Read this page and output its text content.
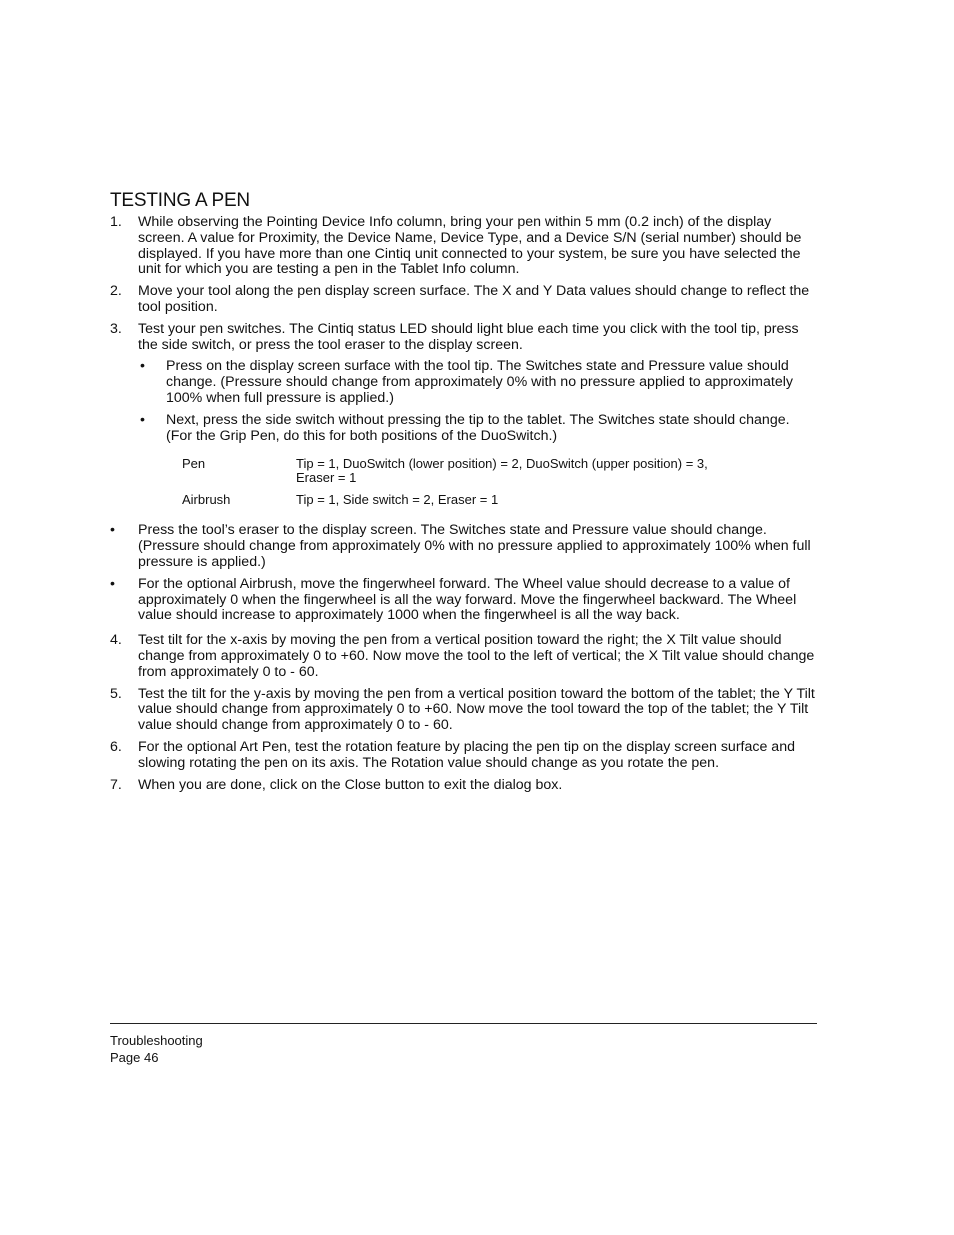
TESTING A PEN
1. While observing the Pointing Device Info column, bring your pen within 5 mm (0.2 inch) of the display screen. A value for Proximity, the Device Name, Device Type, and a Device S/N (serial number) should be displayed. If you have more than one Cintiq unit connected to your system, be sure you have selected the unit for which you are testing a pen in the Tablet Info column.
2. Move your tool along the pen display screen surface. The X and Y Data values should change to reflect the tool position.
3. Test your pen switches. The Cintiq status LED should light blue each time you click with the tool tip, press the side switch, or press the tool eraser to the display screen.
• Press on the display screen surface with the tool tip. The Switches state and Pressure value should change. (Pressure should change from approximately 0% with no pressure applied to approximately 100% when full pressure is applied.)
• Next, press the side switch without pressing the tip to the tablet. The Switches state should change. (For the Grip Pen, do this for both positions of the DuoSwitch.)
Pen	Tip = 1, DuoSwitch (lower position) = 2, DuoSwitch (upper position) = 3, Eraser = 1
Airbrush	Tip = 1, Side switch = 2, Eraser = 1
• Press the tool’s eraser to the display screen. The Switches state and Pressure value should change. (Pressure should change from approximately 0% with no pressure applied to approximately 100% when full pressure is applied.)
• For the optional Airbrush, move the fingerwheel forward. The Wheel value should decrease to a value of approximately 0 when the fingerwheel is all the way forward. Move the fingerwheel backward. The Wheel value should increase to approximately 1000 when the fingerwheel is all the way back.
4. Test tilt for the x-axis by moving the pen from a vertical position toward the right; the X Tilt value should change from approximately 0 to +60. Now move the tool to the left of vertical; the X Tilt value should change from approximately 0 to - 60.
5. Test the tilt for the y-axis by moving the pen from a vertical position toward the bottom of the tablet; the Y Tilt value should change from approximately 0 to +60. Now move the tool toward the top of the tablet; the Y Tilt value should change from approximately 0 to - 60.
6. For the optional Art Pen, test the rotation feature by placing the pen tip on the display screen surface and slowing rotating the pen on its axis. The Rotation value should change as you rotate the pen.
7. When you are done, click on the Close button to exit the dialog box.
Troubleshooting
Page 46
